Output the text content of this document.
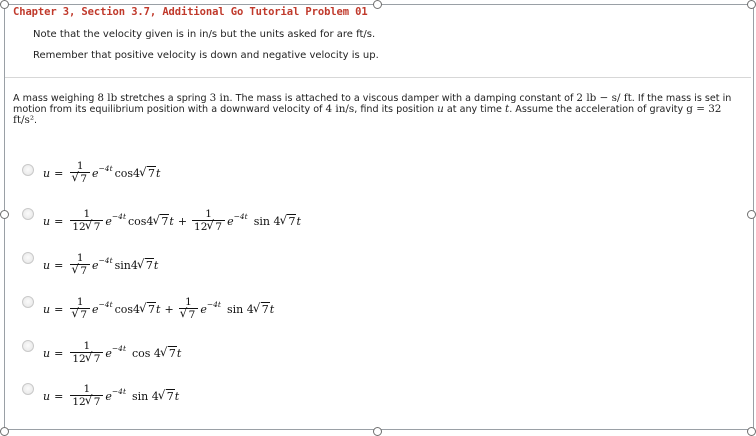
Chapter 3, Section 3.7, Additional Go Tutorial Problem 01
Note that the velocity given is in in/s but the units asked for are ft/s.
Remember that positive velocity is down and negative velocity is up.
A mass weighing 8 lb stretches a spring 3 in. The mass is attached to a viscous damper with a damping constant of 2 lb − s/ ft. If the mass is set in motion from its equilibrium position with a downward velocity of 4 in/s, find its position u at any time t. Assume the acceleration of gravity g = 32 ft/s².
u = 1
√ 7 $e^{-4t}$ cos4 √ 7 t
$u = \frac{1}{12 √ 7} e^{-4t}$ cos4 √ 7 $t + \frac{1}{12 √ 7} e^{-4t}$ sin 4 √ 7 t
u = 1
√ 7 $e^{-4t}$ sin4 √ 7 t
u = 1
√ 7 $e^{-4t}$ cos4 √ 7 t + 1
√ 7 $e^{-4t}$ sin 4 √ 7 t
$u = \frac{1}{12 √ 7} e^{-4t}$ cos 4 √ 7 t
$u = \frac{1}{12 √ 7} e^{-4t}$ sin 4 √ 7 t
